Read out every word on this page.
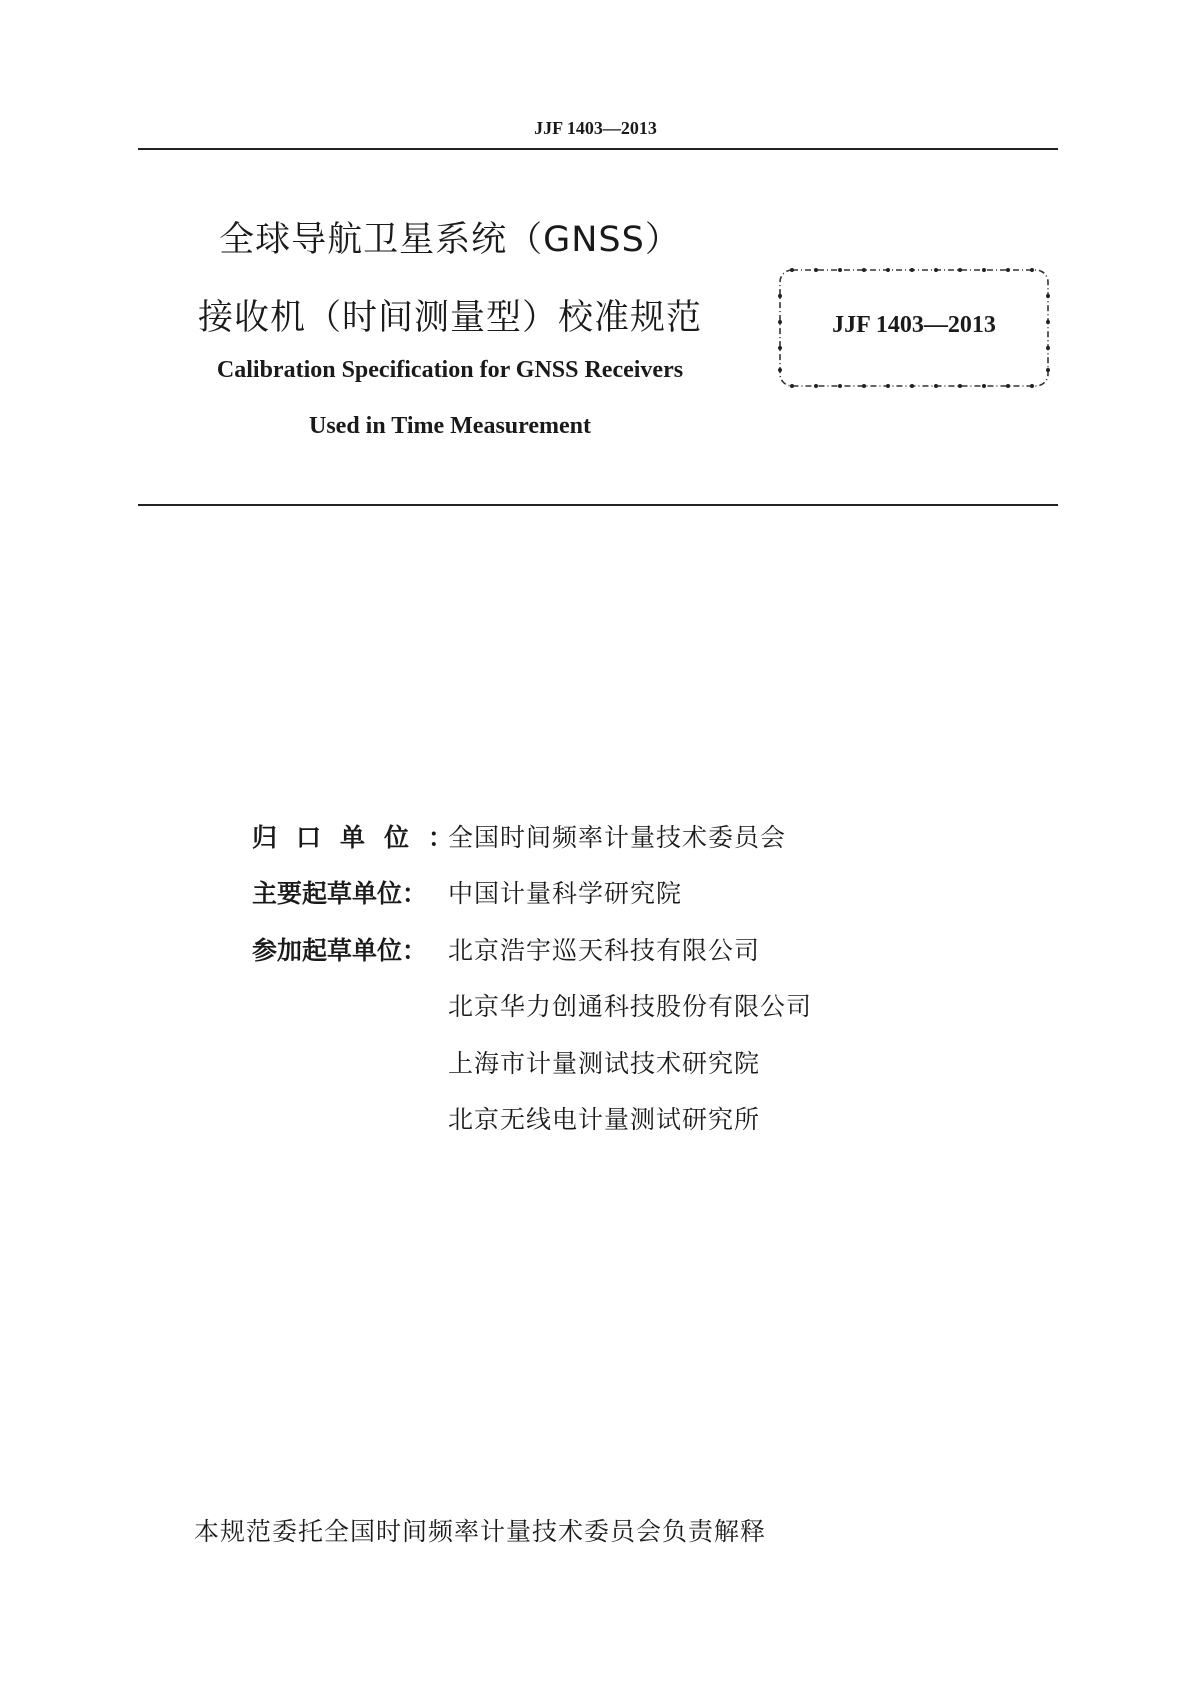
JJF 1403—2013
全球导航卫星系统（GNSS）
接收机（时间测量型）校准规范
Calibration Specification for GNSS Receivers
Used in Time Measurement
JJF 1403—2013
归口单位：
全国时间频率计量技术委员会
主要起草单位： 中国计量科学研究院
参加起草单位： 北京浩宇巡天科技有限公司
北京华力创通科技股份有限公司
上海市计量测试技术研究院
北京无线电计量测试研究所
本规范委托全国时间频率计量技术委员会负责解释
